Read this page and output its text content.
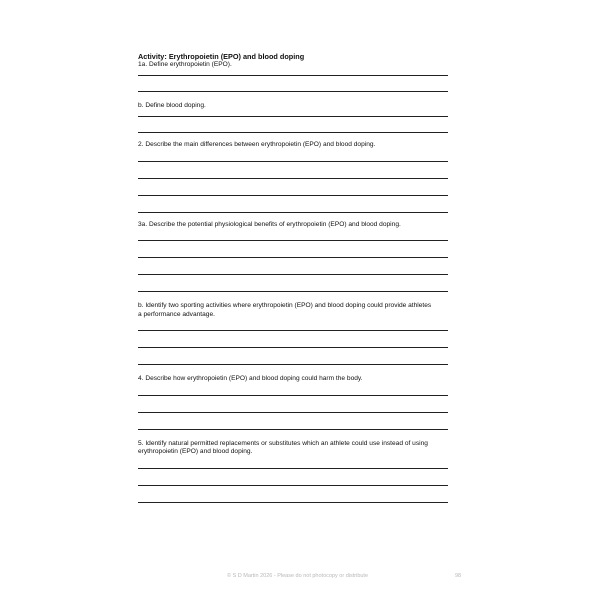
Activity: Erythropoietin (EPO) and blood doping

1a. Define erythropoietin (EPO).

b. Define blood doping.

2. Describe the main differences between erythropoietin (EPO) and blood doping.

3a. Describe the potential physiological benefits of erythropoietin (EPO) and blood doping.

b. Identify two sporting activities where erythropoietin (EPO) and blood doping could provide athletes

a performance advantage.

4. Describe how erythropoietin (EPO) and blood doping could harm the body.

5. Identify natural permitted replacements or substitutes which an athlete could use instead of using

erythropoietin (EPO) and blood doping.

© S D Martin 2026 - Please do not photocopy or distribute	98
